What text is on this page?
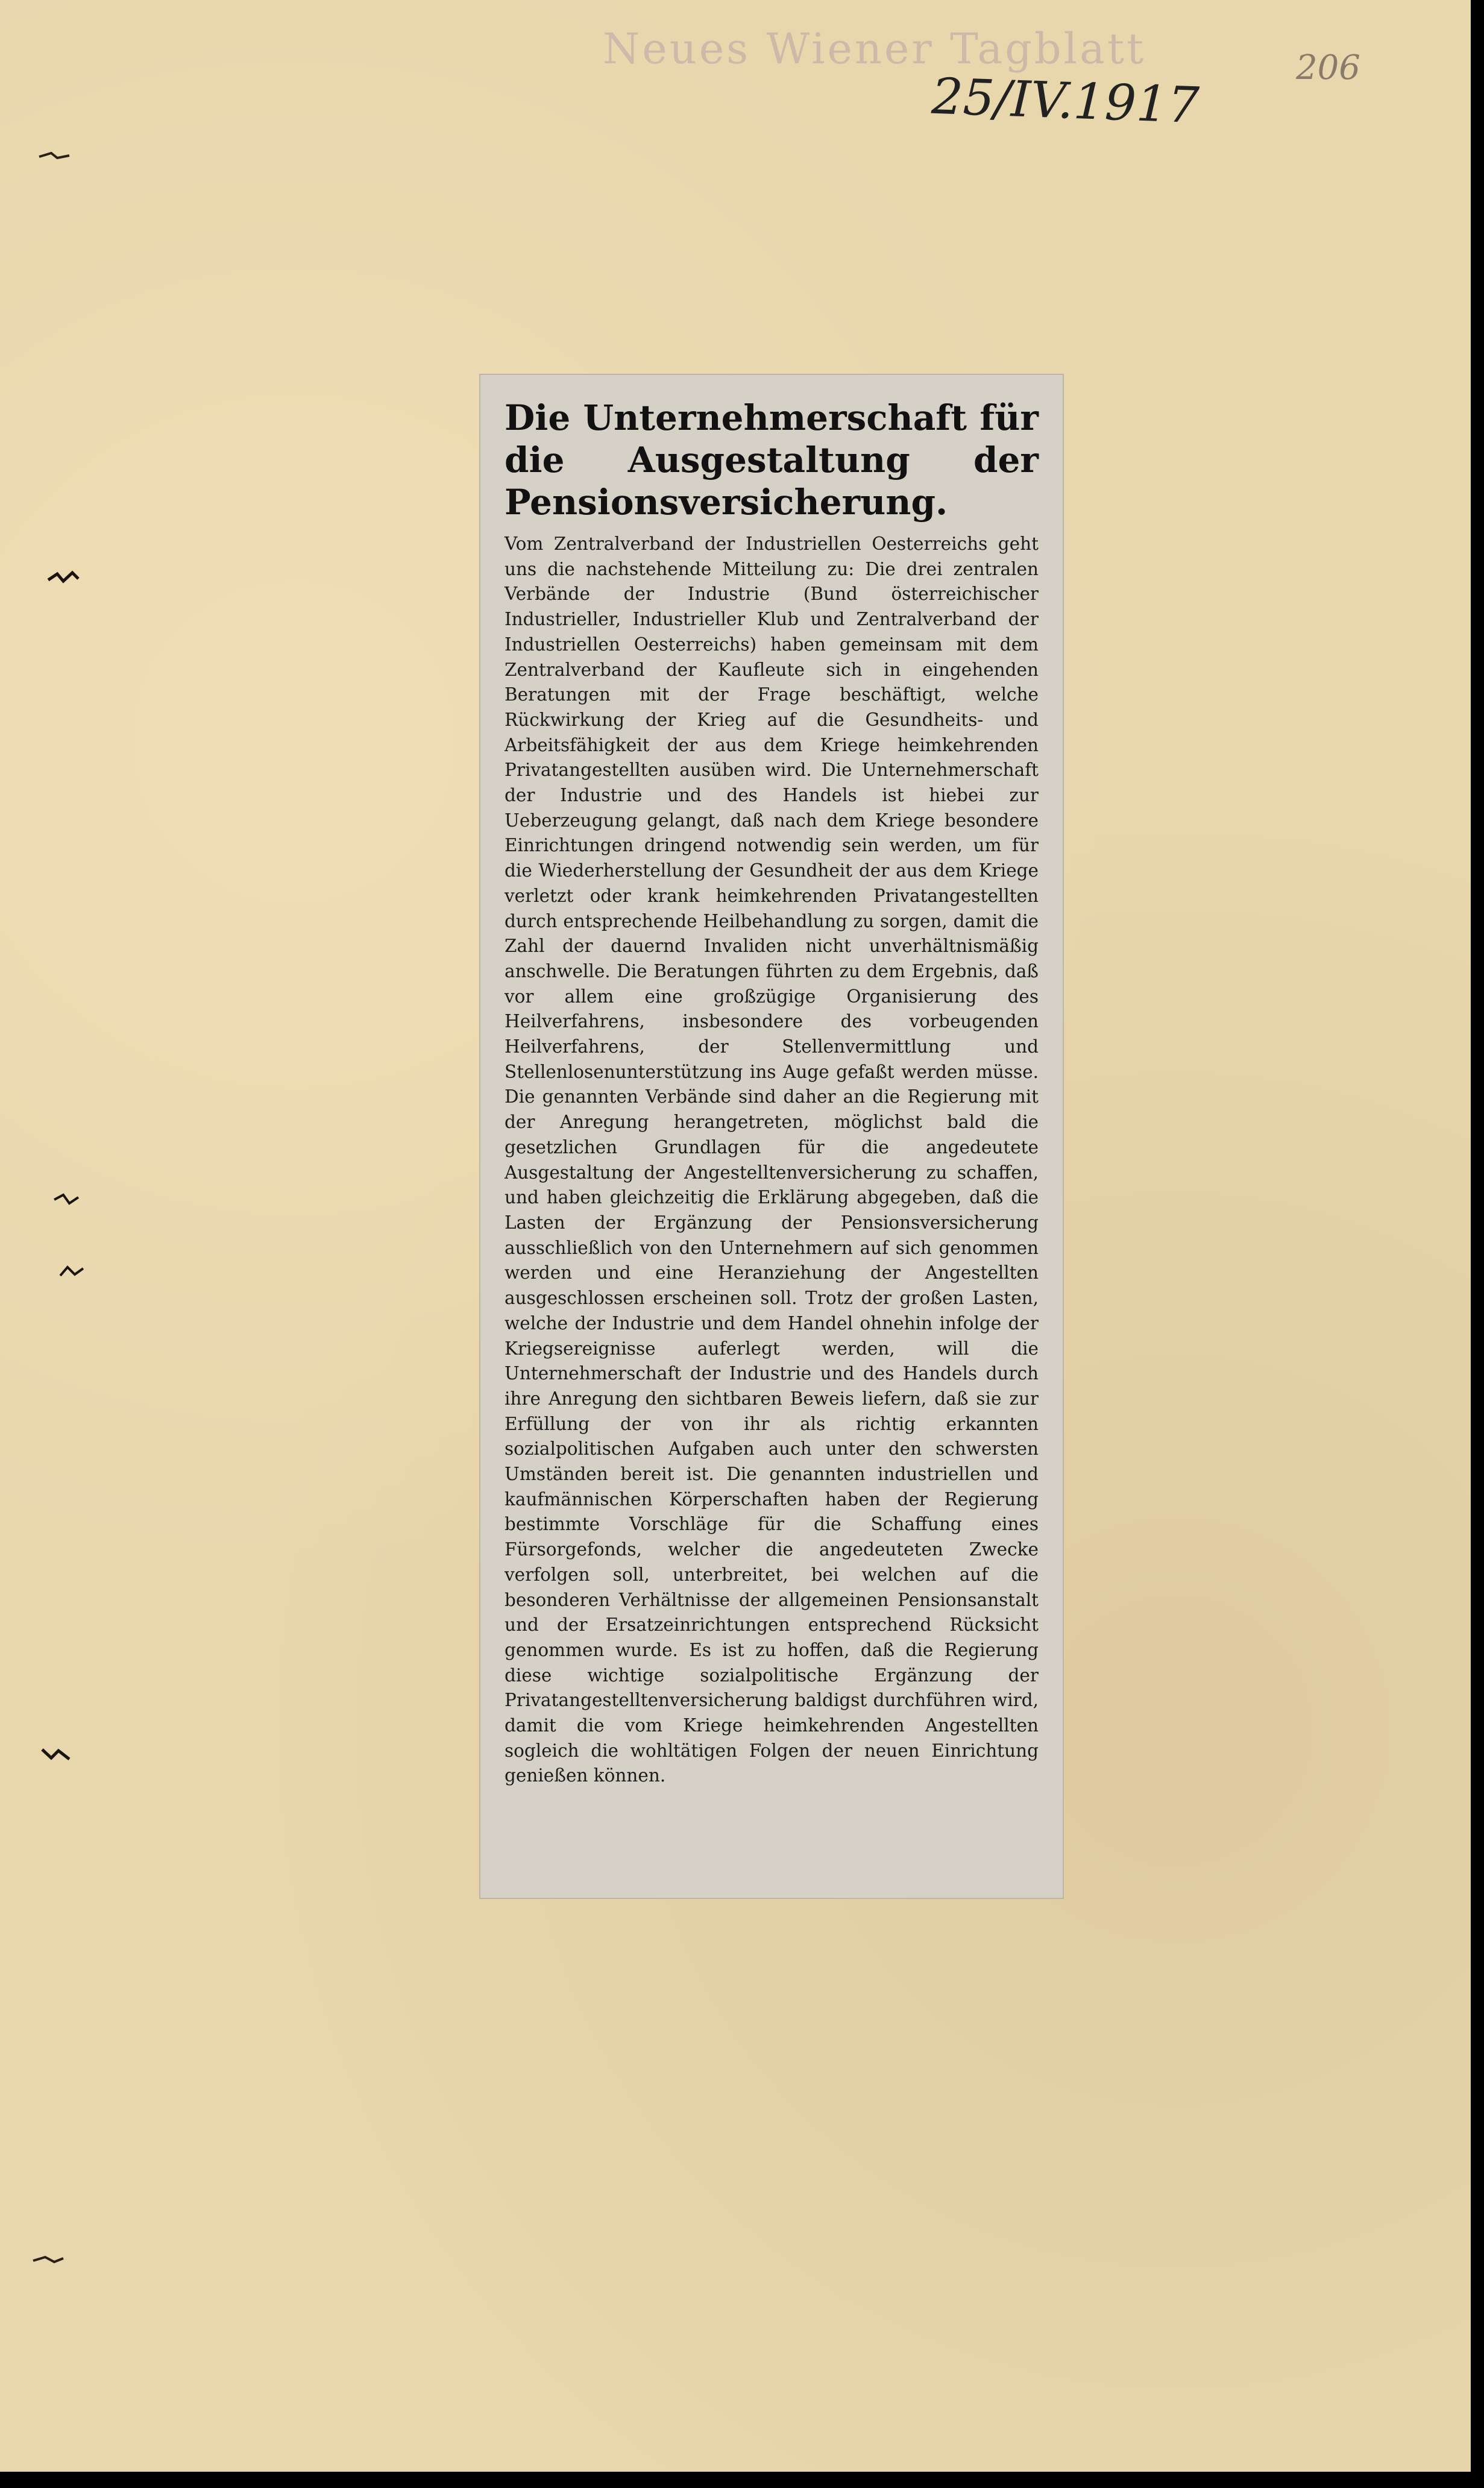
Neues Wiener Tagblatt
25/IV.1917
206
Die Unternehmerschaft für die Ausgestaltung der Pensionsversicherung.

Vom Zentralverband der Industriellen Oesterreichs geht uns die nachstehende Mitteilung zu: Die drei zentralen Verbände der Industrie (Bund österreichischer Industrieller, Industrieller Klub und Zentralverband der Industriellen Oesterreichs) haben gemeinsam mit dem Zentralverband der Kaufleute sich in eingehenden Beratungen mit der Frage beschäftigt, welche Rückwirkung der Krieg auf die Gesundheits- und Arbeitsfähigkeit der aus dem Kriege heimkehrenden Privatangestellten ausüben wird. Die Unternehmerschaft der Industrie und des Handels ist hiebei zur Ueberzeugung gelangt, daß nach dem Kriege besondere Einrichtungen dringend notwendig sein werden, um für die Wiederherstellung der Gesundheit der aus dem Kriege verletzt oder krank heimkehrenden Privatangestellten durch entsprechende Heilbehandlung zu sorgen, damit die Zahl der dauernd Invaliden nicht unverhältnismäßig anschwelle. Die Beratungen führten zu dem Ergebnis, daß vor allem eine großzügige Organisierung des Heilverfahrens, insbesondere des vorbeugenden Heilverfahrens, der Stellenvermittlung und Stellenlosenunterstützung ins Auge gefaßt werden müsse. Die genannten Verbände sind daher an die Regierung mit der Anregung herangetreten, möglichst bald die gesetzlichen Grundlagen für die angedeutete Ausgestaltung der Angestelltenversicherung zu schaffen, und haben gleichzeitig die Erklärung abgegeben, daß die Lasten der Ergänzung der Pensionsversicherung ausschließlich von den Unternehmern auf sich genommen werden und eine Heranziehung der Angestellten ausgeschlossen erscheinen soll. Trotz der großen Lasten, welche der Industrie und dem Handel ohnehin infolge der Kriegsereignisse auferlegt werden, will die Unternehmerschaft der Industrie und des Handels durch ihre Anregung den sichtbaren Beweis liefern, daß sie zur Erfüllung der von ihr als richtig erkannten sozialpolitischen Aufgaben auch unter den schwersten Umständen bereit ist. Die genannten industriellen und kaufmännischen Körperschaften haben der Regierung bestimmte Vorschläge für die Schaffung eines Fürsorgefonds, welcher die angedeuteten Zwecke verfolgen soll, unterbreitet, bei welchen auf die besonderen Verhältnisse der allgemeinen Pensionsanstalt und der Ersatzeinrichtungen entsprechend Rücksicht genommen wurde. Es ist zu hoffen, daß die Regierung diese wichtige sozialpolitische Ergänzung der Privatangestelltenversicherung baldigst durchführen wird, damit die vom Kriege heimkehrenden Angestellten sogleich die wohltätigen Folgen der neuen Einrichtung genießen können.
